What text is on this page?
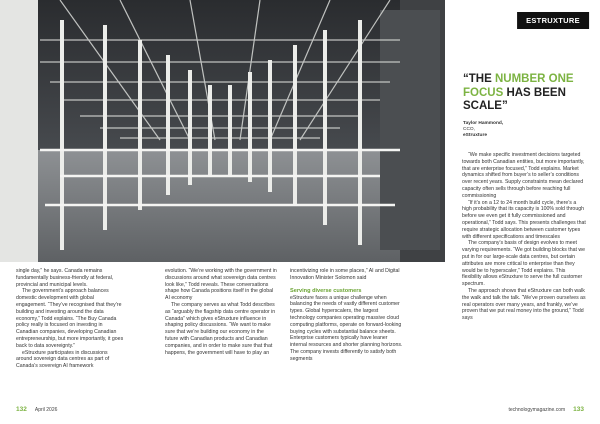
ESTRUXTURE
“THE NUMBER ONE FOCUS HAS BEEN SCALE”
Taylor Hammond,
CCO,
eStruxture

single day,” he says. Canada remains fundamentally business-friendly at federal, provincial and municipal levels.

The government’s approach balances domestic development with global engagement. “They’ve recognised that they’re building and investing around the data economy,” Todd explains. “The Buy Canada policy really is focused on investing in Canadian companies, developing Canadian entrepreneurship, but more importantly, it goes back to data sovereignty.”

eStruxture participates in discussions around sovereign data centres as part of Canada’s sovereign AI framework

evolution. “We’re working with the government in discussions around what sovereign data centres look like,” Todd reveals. These conversations shape how Canada positions itself in the global AI economy

The company serves as what Todd describes as “arguably the flagship data centre operator in Canada” which gives eStruxture influence in shaping policy discussions. “We want to make sure that we’re building our economy in the future with Canadian products and Canadian companies, and in order to make sure that that happens, the government will have to play an

incentivizing role in some places,” AI and Digital Innovation Minister Solomon said

Serving diverse customers

eStruxture faces a unique challenge when balancing the needs of vastly different customer types. Global hyperscalers, the largest technology companies operating massive cloud computing platforms, operate on forward-looking buying cycles with substantial balance sheets. Enterprise customers typically have leaner internal resources and shorter planning horizons. The company invests differently to satisfy both segments

“We make specific investment decisions targeted towards both Canadian entities, but more importantly, that are enterprise focused,” Todd explains. Market dynamics shifted from buyer’s to seller’s conditions over recent years. Supply constraints mean declared capacity often sells through before reaching full commissioning

“If it’s on a 12 to 24 month build cycle, there’s a high probability that its capacity is 100% sold through before we even get it fully commissioned and operational,” Todd says. This presents challenges that require strategic allocation between customer types with different specifications and timescales

The company’s basis of design evolves to meet varying requirements. “We got building blocks that we put in for our large-scale data centres, but certain attributes are more critical to enterprise than they would be to hyperscaler,” Todd explains. This flexibility allows eStruxture to serve the full customer spectrum.

The approach shows that eStruxture can both walk the walk and talk the talk. “We’ve proven ourselves as real operators over many years, and frankly, we’ve proven that we put real money into the ground,” Todd says

132 April 2026	technologymagazine.com 133
